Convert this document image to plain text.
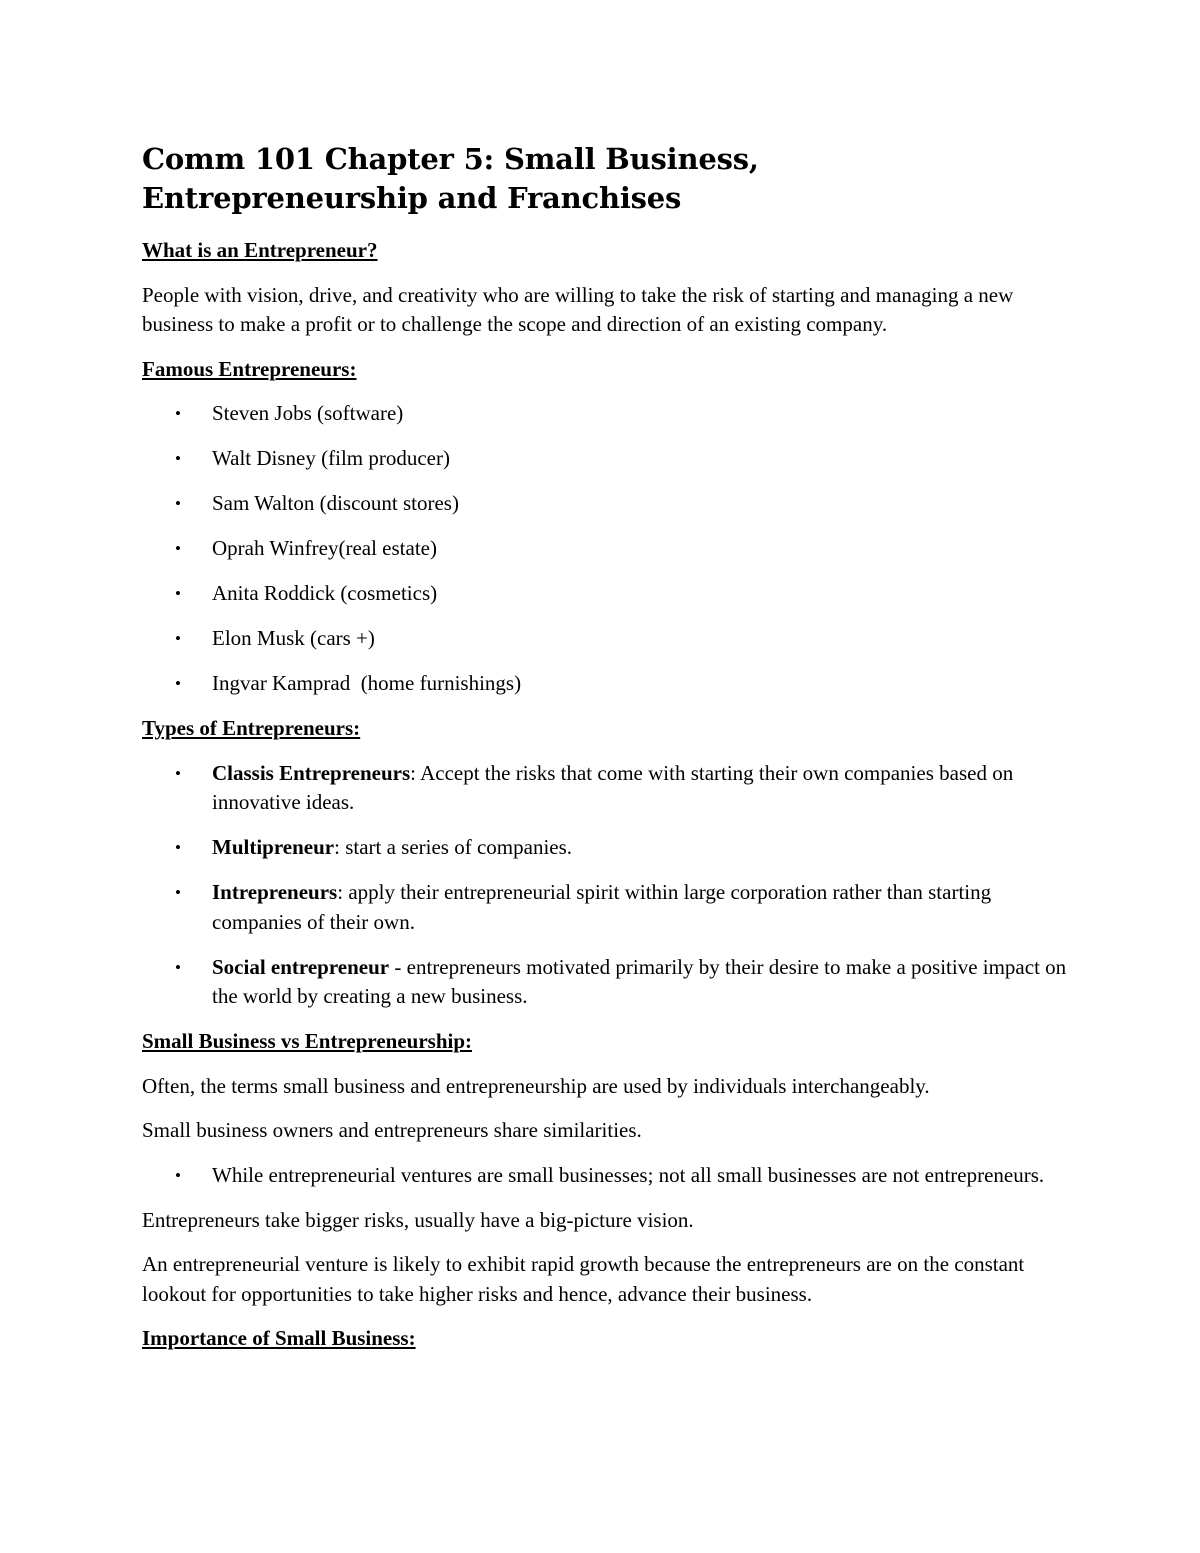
Comm 101 Chapter 5: Small Business, Entrepreneurship and Franchises

What is an Entrepreneur?

People with vision, drive, and creativity who are willing to take the risk of starting and managing a new business to make a profit or to challenge the scope and direction of an existing company.

Famous Entrepreneurs:

• Steven Jobs (software)
• Walt Disney (film producer)
• Sam Walton (discount stores)
• Oprah Winfrey(real estate)
• Anita Roddick (cosmetics)
• Elon Musk (cars +)
• Ingvar Kamprad  (home furnishings)

Types of Entrepreneurs:

• Classis Entrepreneurs: Accept the risks that come with starting their own companies based on innovative ideas.
• Multipreneur: start a series of companies.
• Intrepreneurs: apply their entrepreneurial spirit within large corporation rather than starting companies of their own.
• Social entrepreneur - entrepreneurs motivated primarily by their desire to make a positive impact on the world by creating a new business.

Small Business vs Entrepreneurship:

Often, the terms small business and entrepreneurship are used by individuals interchangeably.

Small business owners and entrepreneurs share similarities.

• While entrepreneurial ventures are small businesses; not all small businesses are not entrepreneurs.

Entrepreneurs take bigger risks, usually have a big-picture vision.

An entrepreneurial venture is likely to exhibit rapid growth because the entrepreneurs are on the constant lookout for opportunities to take higher risks and hence, advance their business.

Importance of Small Business:
